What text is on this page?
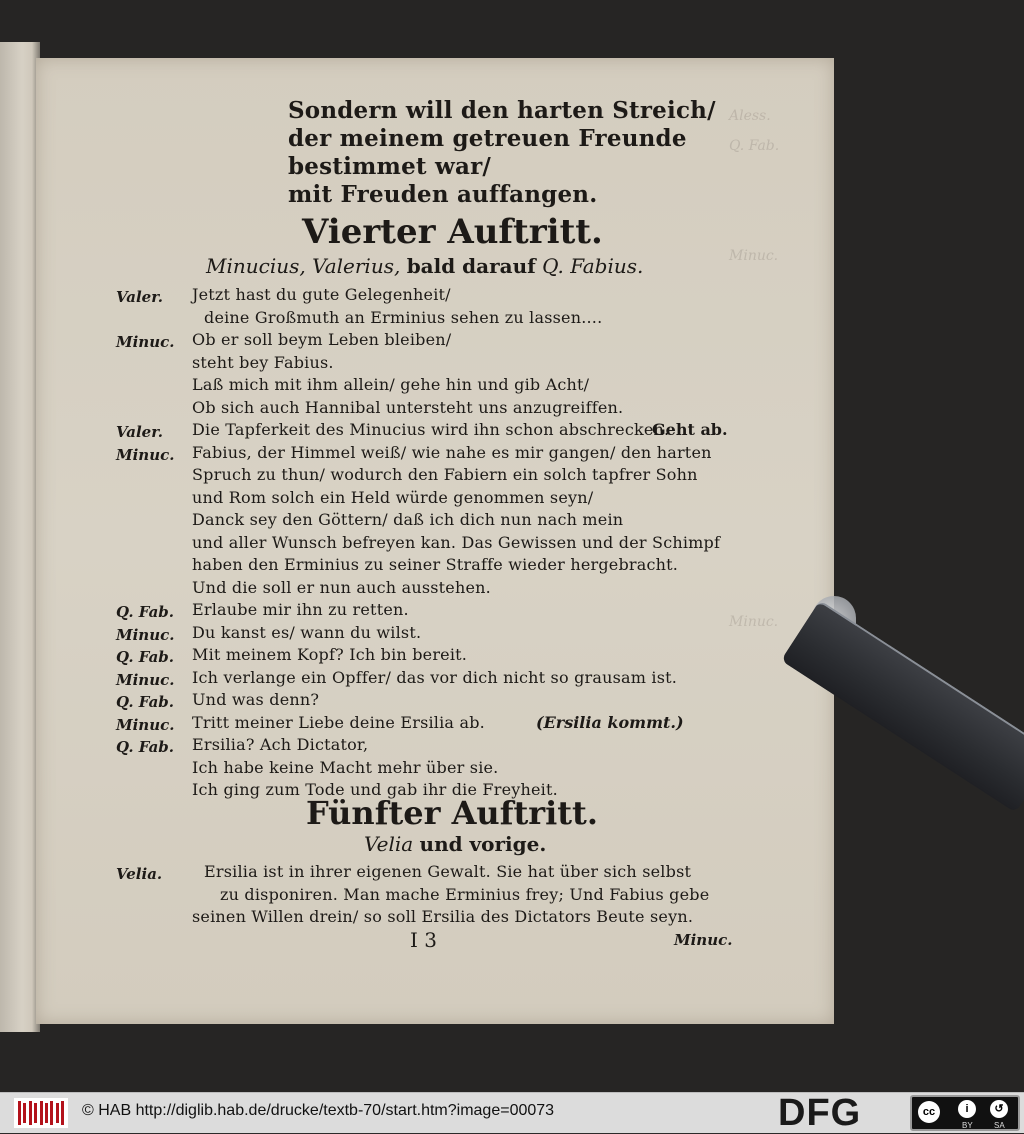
Aless.
Q. Fab.
Minuc.
Minuc.
Sondern will den harten Streich/
der meinem getreuen Freunde
bestimmet war/
mit Freuden auffangen.
Vierter Auftritt.
Minucius, Valerius, bald darauf Q. Fabius.
Valer. Jetzt hast du gute Gelegenheit/
deine Großmuth an Erminius sehen zu lassen....
Minuc. Ob er soll beym Leben bleiben/
steht bey Fabius.
Laß mich mit ihm allein/ gehe hin und gib Acht/
Ob sich auch Hannibal untersteht uns anzugreiffen.
Valer. Die Tapferkeit des Minucius wird ihn schon abschrecken.
Geht ab.
Minuc. Fabius, der Himmel weiß/ wie nahe es mir gangen/ den harten
Spruch zu thun/ wodurch den Fabiern ein solch tapfrer Sohn
und Rom solch ein Held würde genommen seyn/
Danck sey den Göttern/ daß ich dich nun nach mein
und aller Wunsch befreyen kan. Das Gewissen und der Schimpf
haben den Erminius zu seiner Straffe wieder hergebracht.
Und die soll er nun auch ausstehen.
Q. Fab. Erlaube mir ihn zu retten.
Minuc. Du kanst es/ wann du wilst.
Q. Fab. Mit meinem Kopf? Ich bin bereit.
Minuc. Ich verlange ein Opffer/ das vor dich nicht so grausam ist.
Q. Fab. Und was denn?
Minuc. Tritt meiner Liebe deine Ersilia ab.	(Ersilia kommt.)
Q. Fab. Ersilia? Ach Dictator,
Ich habe keine Macht mehr über sie.
Ich ging zum Tode und gab ihr die Freyheit.
Fünfter Auftritt.
Velia und vorige.
Velia.	Ersilia ist in ihrer eigenen Gewalt. Sie hat über sich selbst
zu disponiren. Man mache Erminius frey; Und Fabius gebe
seinen Willen drein/ so soll Ersilia des Dictators Beute seyn.
I 3	Minuc.
© HAB http://diglib.hab.de/drucke/textb-70/start.htm?image=00073	DFG	cc	i	↺
BY	SA
